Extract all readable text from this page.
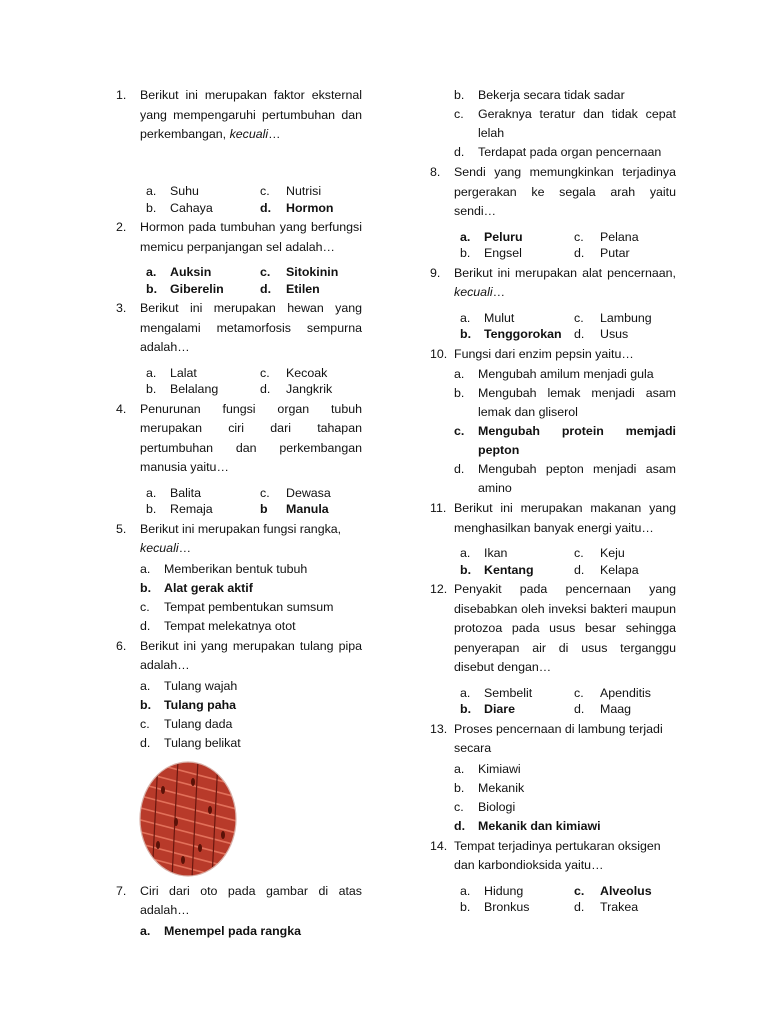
1.	Berikut ini merupakan faktor eksternal yang mempengaruhi pertumbuhan dan perkembangan, kecuali…
a.	Suhu	c.	Nutrisi
b.	Cahaya	d.	Hormon
2.	Hormon pada tumbuhan yang berfungsi memicu perpanjangan sel adalah…
a.	Auksin	c.	Sitokinin
b.	Giberelin	d.	Etilen
3.	Berikut ini merupakan hewan yang mengalami metamorfosis sempurna adalah…
a.	Lalat	c.	Kecoak
b.	Belalang	d.	Jangkrik
4.	Penurunan fungsi organ tubuh merupakan ciri dari tahapan pertumbuhan dan perkembangan manusia yaitu…
a.	Balita	c.	Dewasa
b.	Remaja	b	Manula
5.	Berikut ini merupakan fungsi rangka, kecuali…
a.	Memberikan bentuk tubuh
b.	Alat gerak aktif
c.	Tempat pembentukan sumsum
d.	Tempat melekatnya otot
6.	Berikut ini yang merupakan tulang pipa adalah…
a.	Tulang wajah
b.	Tulang paha
c.	Tulang dada
d.	Tulang belikat
7.	Ciri dari oto pada gambar di atas adalah…
a.	Menempel pada rangka
b.	Bekerja secara tidak sadar
c.	Geraknya teratur dan tidak cepat lelah
d.	Terdapat pada organ pencernaan
8.	Sendi yang memungkinkan terjadinya pergerakan ke segala arah yaitu sendi…
a.	Peluru	c.	Pelana
b.	Engsel	d.	Putar
9.	Berikut ini merupakan alat pencernaan, kecuali…
a.	Mulut	c.	Lambung
b.	Tenggorokan	d.	Usus
10. Fungsi dari enzim pepsin yaitu…
a.	Mengubah amilum menjadi gula
b.	Mengubah lemak menjadi asam lemak dan gliserol
c.	Mengubah protein memjadi pepton
d.	Mengubah pepton menjadi asam amino
11. Berikut ini merupakan makanan yang menghasilkan banyak energi yaitu…
a.	Ikan	c.	Keju
b.	Kentang	d.	Kelapa
12. Penyakit pada pencernaan yang disebabkan oleh inveksi bakteri maupun protozoa pada usus besar sehingga penyerapan air di usus terganggu disebut dengan…
a.	Sembelit	c.	Apenditis
b.	Diare	d.	Maag
13. Proses pencernaan di lambung terjadi secara
a.	Kimiawi
b.	Mekanik
c.	Biologi
d.	Mekanik dan kimiawi
14. Tempat terjadinya pertukaran oksigen dan karbondioksida yaitu…
a.	Hidung	c.	Alveolus
b.	Bronkus	d.	Trakea
